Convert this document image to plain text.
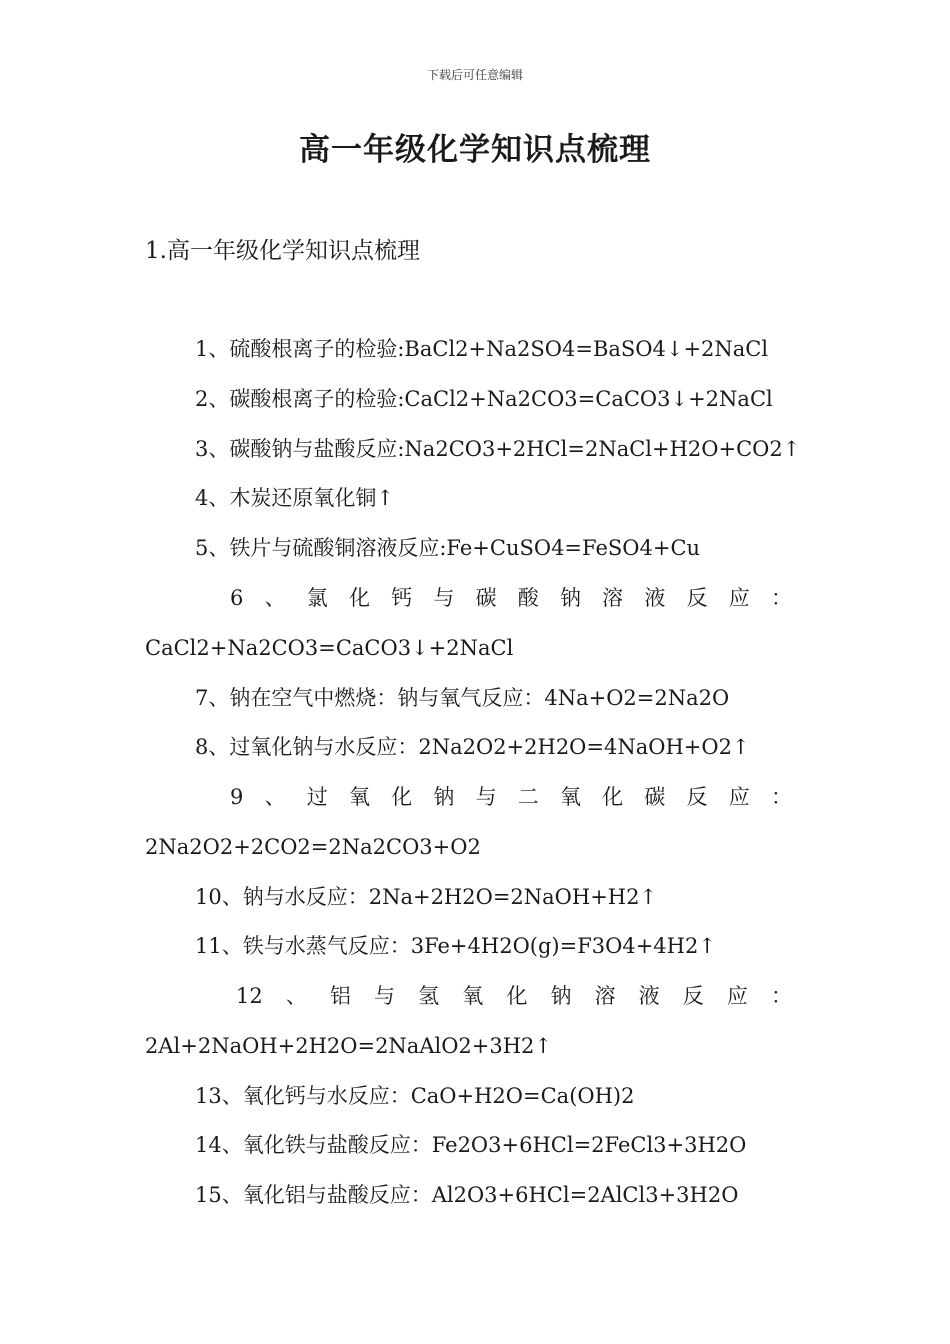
下载后可任意编辑
高一年级化学知识点梳理
1.高一年级化学知识点梳理
1、硫酸根离子的检验:BaCl2+Na2SO4=BaSO4↓+2NaCl
2、碳酸根离子的检验:CaCl2+Na2CO3=CaCO3↓+2NaCl
3、碳酸钠与盐酸反应:Na2CO3+2HCl=2NaCl+H2O+CO2↑
4、木炭还原氧化铜↑
5、铁片与硫酸铜溶液反应:Fe+CuSO4=FeSO4+Cu
6、氯化钙与碳酸钠溶液反应：
CaCl2+Na2CO3=CaCO3↓+2NaCl
7、钠在空气中燃烧：钠与氧气反应：4Na+O2=2Na2O
8、过氧化钠与水反应：2Na2O2+2H2O=4NaOH+O2↑
9、过氧化钠与二氧化碳反应：
2Na2O2+2CO2=2Na2CO3+O2
10、钠与水反应：2Na+2H2O=2NaOH+H2↑
11、铁与水蒸气反应：3Fe+4H2O(g)=F3O4+4H2↑
12、铝与氢氧化钠溶液反应：
2Al+2NaOH+2H2O=2NaAlO2+3H2↑
13、氧化钙与水反应：CaO+H2O=Ca(OH)2
14、氧化铁与盐酸反应：Fe2O3+6HCl=2FeCl3+3H2O
15、氧化铝与盐酸反应：Al2O3+6HCl=2AlCl3+3H2O
